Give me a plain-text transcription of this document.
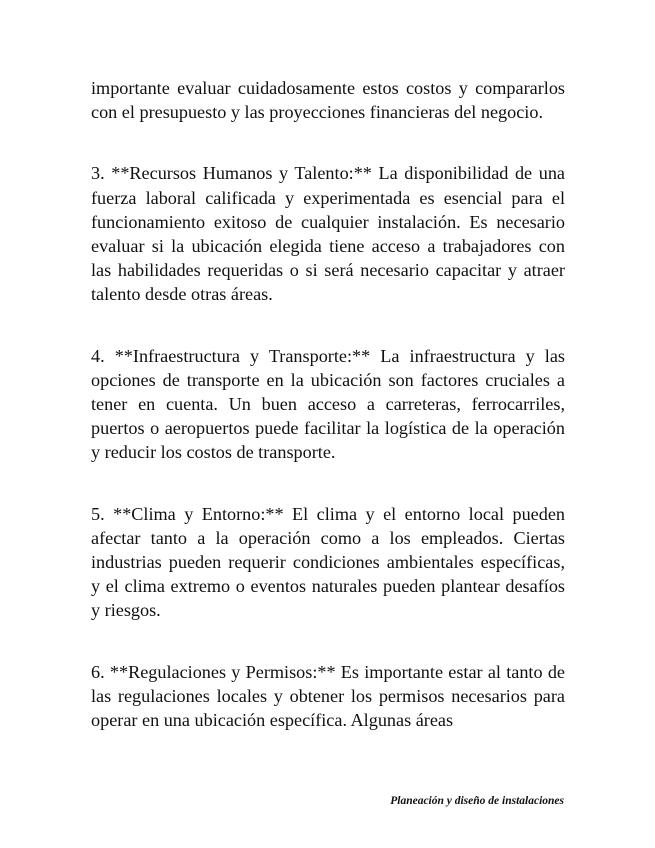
importante evaluar cuidadosamente estos costos y compararlos con el presupuesto y las proyecciones financieras del negocio.

3. **Recursos Humanos y Talento:** La disponibilidad de una fuerza laboral calificada y experimentada es esencial para el funcionamiento exitoso de cualquier instalación. Es necesario evaluar si la ubicación elegida tiene acceso a trabajadores con las habilidades requeridas o si será necesario capacitar y atraer talento desde otras áreas.

4. **Infraestructura y Transporte:** La infraestructura y las opciones de transporte en la ubicación son factores cruciales a tener en cuenta. Un buen acceso a carreteras, ferrocarriles, puertos o aeropuertos puede facilitar la logística de la operación y reducir los costos de transporte.

5. **Clima y Entorno:** El clima y el entorno local pueden afectar tanto a la operación como a los empleados. Ciertas industrias pueden requerir condiciones ambientales específicas, y el clima extremo o eventos naturales pueden plantear desafíos y riesgos.

6. **Regulaciones y Permisos:** Es importante estar al tanto de las regulaciones locales y obtener los permisos necesarios para operar en una ubicación específica. Algunas áreas

Planeación y diseño de instalaciones
